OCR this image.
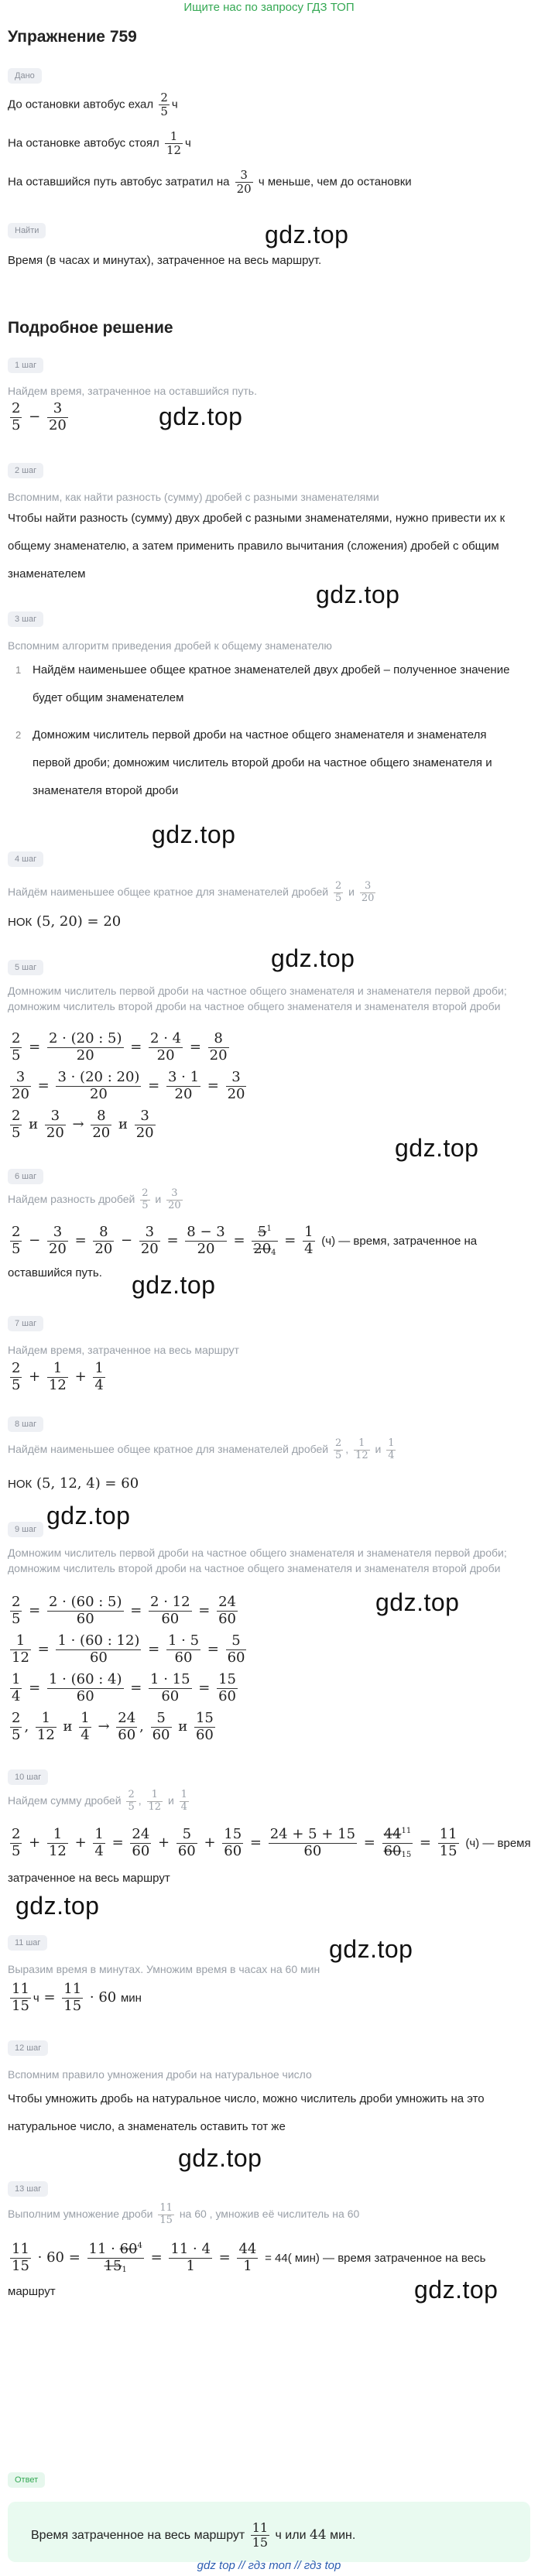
Ищите нас по запросу ГДЗ ТОП
Упражнение 759
Дано
До остановки автобус ехал $\frac{2}{5}$ ч
На остановке автобус стоял $\frac{1}{12}$ ч
На оставшийся путь автобус затратил на $\frac{3}{20}$ ч меньше, чем до остановки
Найти	gdz.top
Время (в часах и минутах), затраченное на весь маршрут.
Подробное решение
1 шаг
Найдем время, затраченное на оставшийся путь.
$\frac{2}{5} - \frac{3}{20}$	gdz.top
2 шаг
Вспомним, как найти разность (сумму) дробей с разными знаменателями
Чтобы найти разность (сумму) двух дробей с разными знаменателями, нужно привести их к общему знаменателю, а затем применить правило вычитания (сложения) дробей с общим знаменателем
gdz.top
3 шаг
Вспомним алгоритм приведения дробей к общему знаменателю
1 Найдём наименьшее общее кратное знаменателей двух дробей – полученное значение будет общим знаменателем
2 Домножим числитель первой дроби на частное общего знаменателя и знаменателя первой дроби; домножим числитель второй дроби на частное общего знаменателя и знаменателя второй дроби
gdz.top
4 шаг
Найдём наименьшее общее кратное для знаменателей дробей $\frac{2}{5}$ и $\frac{3}{20}$
НОК (5, 20) = 20
gdz.top
5 шаг
Домножим числитель первой дроби на частное общего знаменателя и знаменателя первой дроби; домножим числитель второй дроби на частное общего знаменателя и знаменателя второй дроби
$\frac{2}{5} = \frac{2 \cdot (20 : 5)}{20} = \frac{2 \cdot 4}{20} = \frac{8}{20}$
$\frac{3}{20} = \frac{3 \cdot (20 : 20)}{20} = \frac{3 \cdot 1}{20} = \frac{3}{20}$
$\frac{2}{5}$ и $\frac{3}{20} \to \frac{8}{20}$ и $\frac{3}{20}$
gdz.top
6 шаг
Найдем разность дробей $\frac{2}{5}$ и $\frac{3}{20}$
$\frac{2}{5} - \frac{3}{20} = \frac{8}{20} - \frac{3}{20} = \frac{8 - 3}{20} = \frac{5^1}{204} = \frac{1}{4} (ч)$ — время, затраченное на
оставшийся путь. gdz.top
7 шаг
Найдем время, затраченное на весь маршрут
$\frac{2}{5} + \frac{1}{12} + \frac{1}{4}$
8 шаг
Найдём наименьшее общее кратное для знаменателей дробей $\frac{2}{5}$ , $\frac{1}{12}$ и $\frac{1}{4}$
НОК (5, 12, 4) = 60
gdz.top
9 шаг
Домножим числитель первой дроби на частное общего знаменателя и знаменателя первой дроби; домножим числитель второй дроби на частное общего знаменателя и знаменателя второй дроби
gdz.top
$\frac{2}{5} = \frac{2 \cdot (60 : 5)}{60} = \frac{2 \cdot 12}{60} = \frac{24}{60}$
$\frac{1}{12} = \frac{1 \cdot (60 : 12)}{60} = \frac{1 \cdot 5}{60} = \frac{5}{60}$
$\frac{1}{4} = \frac{1 \cdot (60 : 4)}{60} = \frac{1 \cdot 15}{60} = \frac{15}{60}$
$\frac{2}{5}$ , $\frac{1}{12}$ и $\frac{1}{4} \to \frac{24}{60}$ , $\frac{5}{60}$ и $\frac{15}{60}$
10 шаг
Найдем сумму дробей $\frac{2}{5}$ , $\frac{1}{12}$ и $\frac{1}{4}$
$\frac{2}{5} + \frac{1}{12} + \frac{1}{4} = \frac{24}{60} + \frac{5}{60} + \frac{15}{60} = \frac{24 + 5 + 15}{60} = \frac{44^{11}}{6015} = \frac{11}{15} (ч)$ — время
затраченное на весь маршрут
gdz.top
11 шаг	gdz.top
Выразим время в минутах. Умножим время в часах на 60 мин
$\frac{11}{15}$ $ч = \frac{11}{15} \cdot 60$ мин
12 шаг
Вспомним правило умножения дроби на натуральное число
Чтобы умножить дробь на натуральное число, можно числитель дроби умножить на это натуральное число, а знаменатель оставить тот же
gdz.top
13 шаг
Выполним умножение дроби $\frac{11}{15}$ на 60 , умножив её числитель на 60
$\frac{11}{15} \cdot 60 = \frac{11 \cdot 60^4}{151} = \frac{11 \cdot 4}{1} = \frac{44}{1} = 44$( мин) — время затраченное на весь
маршрут	gdz.top
Ответ
Время затраченное на весь маршрут $\frac{11}{15}$ ч или 44 мин.
gdz top // гдз топ // гдз top
